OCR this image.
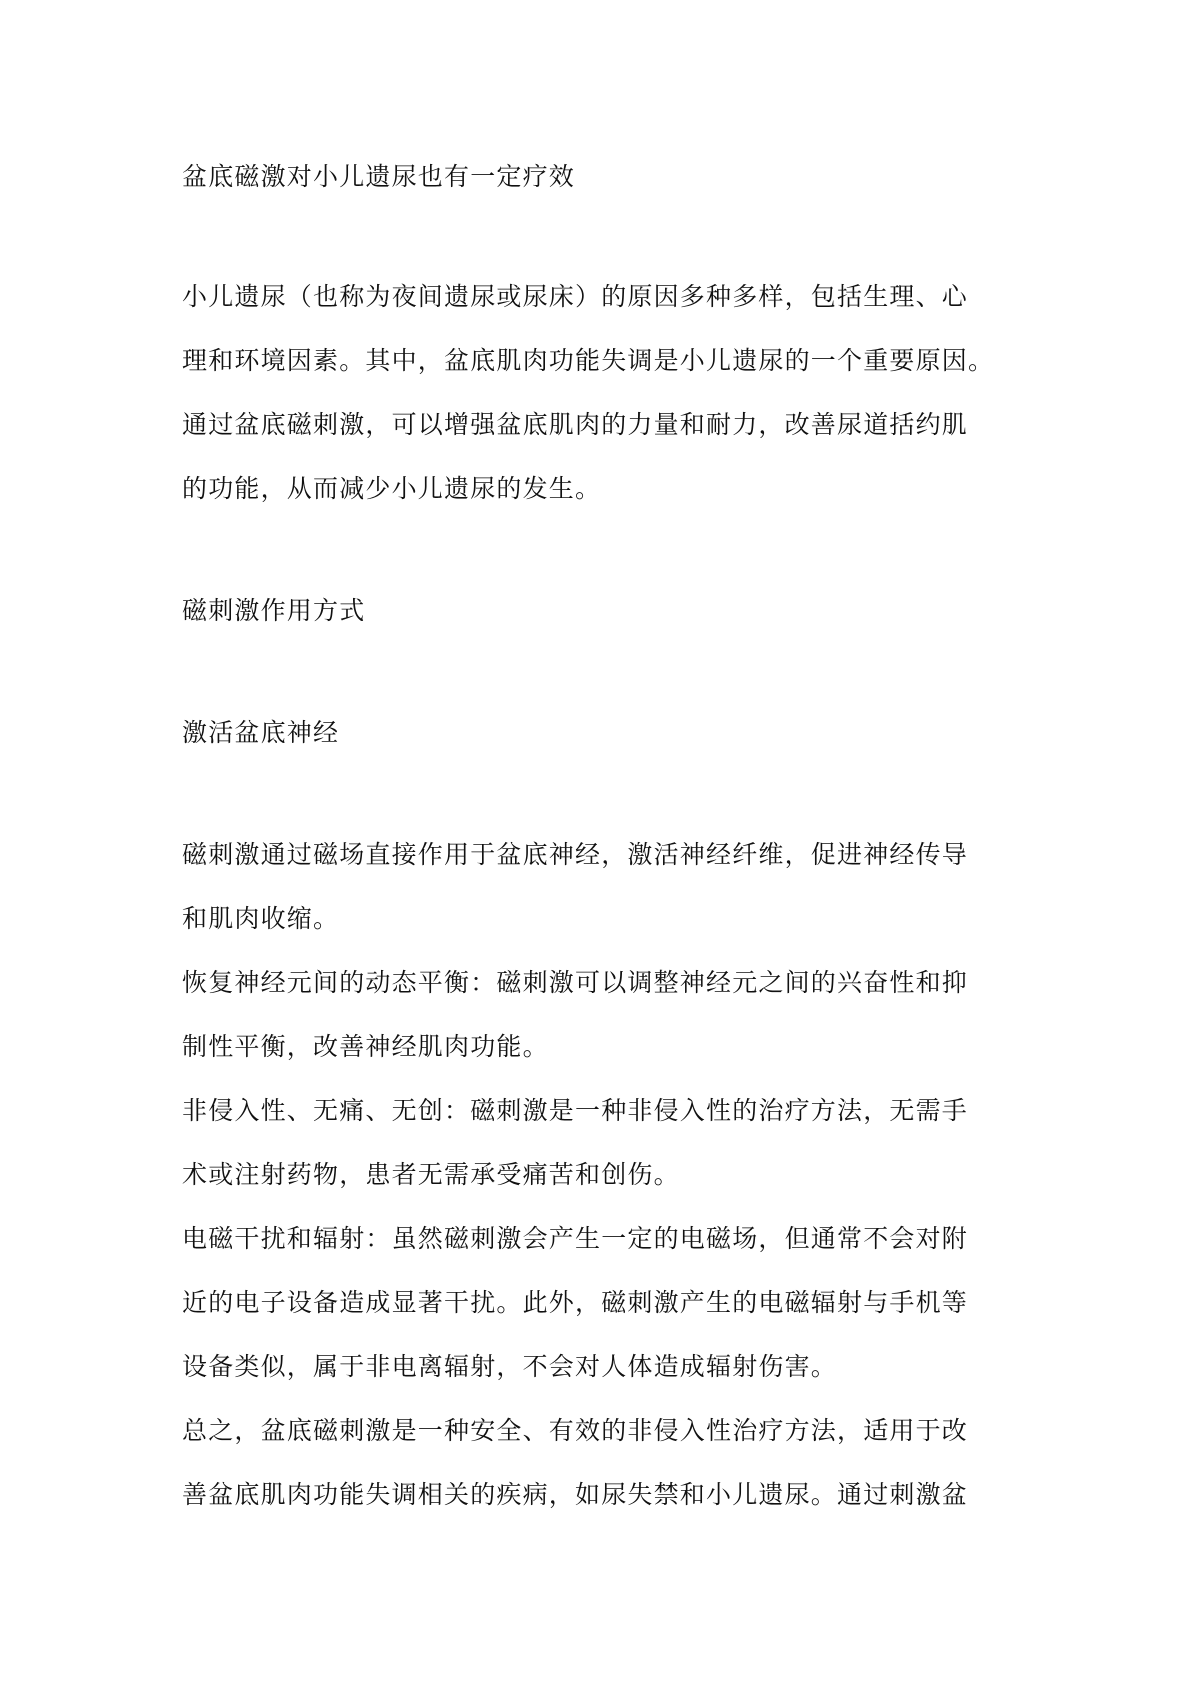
盆底磁激对小儿遗尿也有一定疗效

小儿遗尿（也称为夜间遗尿或尿床）的原因多种多样，包括生理、心

理和环境因素。其中，盆底肌肉功能失调是小儿遗尿的一个重要原因。

通过盆底磁刺激，可以增强盆底肌肉的力量和耐力，改善尿道括约肌

的功能，从而减少小儿遗尿的发生。

磁刺激作用方式

激活盆底神经

磁刺激通过磁场直接作用于盆底神经，激活神经纤维，促进神经传导

和肌肉收缩。

恢复神经元间的动态平衡：磁刺激可以调整神经元之间的兴奋性和抑

制性平衡，改善神经肌肉功能。

非侵入性、无痛、无创：磁刺激是一种非侵入性的治疗方法，无需手

术或注射药物，患者无需承受痛苦和创伤。

电磁干扰和辐射：虽然磁刺激会产生一定的电磁场，但通常不会对附

近的电子设备造成显著干扰。此外，磁刺激产生的电磁辐射与手机等

设备类似，属于非电离辐射，不会对人体造成辐射伤害。

总之，盆底磁刺激是一种安全、有效的非侵入性治疗方法，适用于改

善盆底肌肉功能失调相关的疾病，如尿失禁和小儿遗尿。通过刺激盆
